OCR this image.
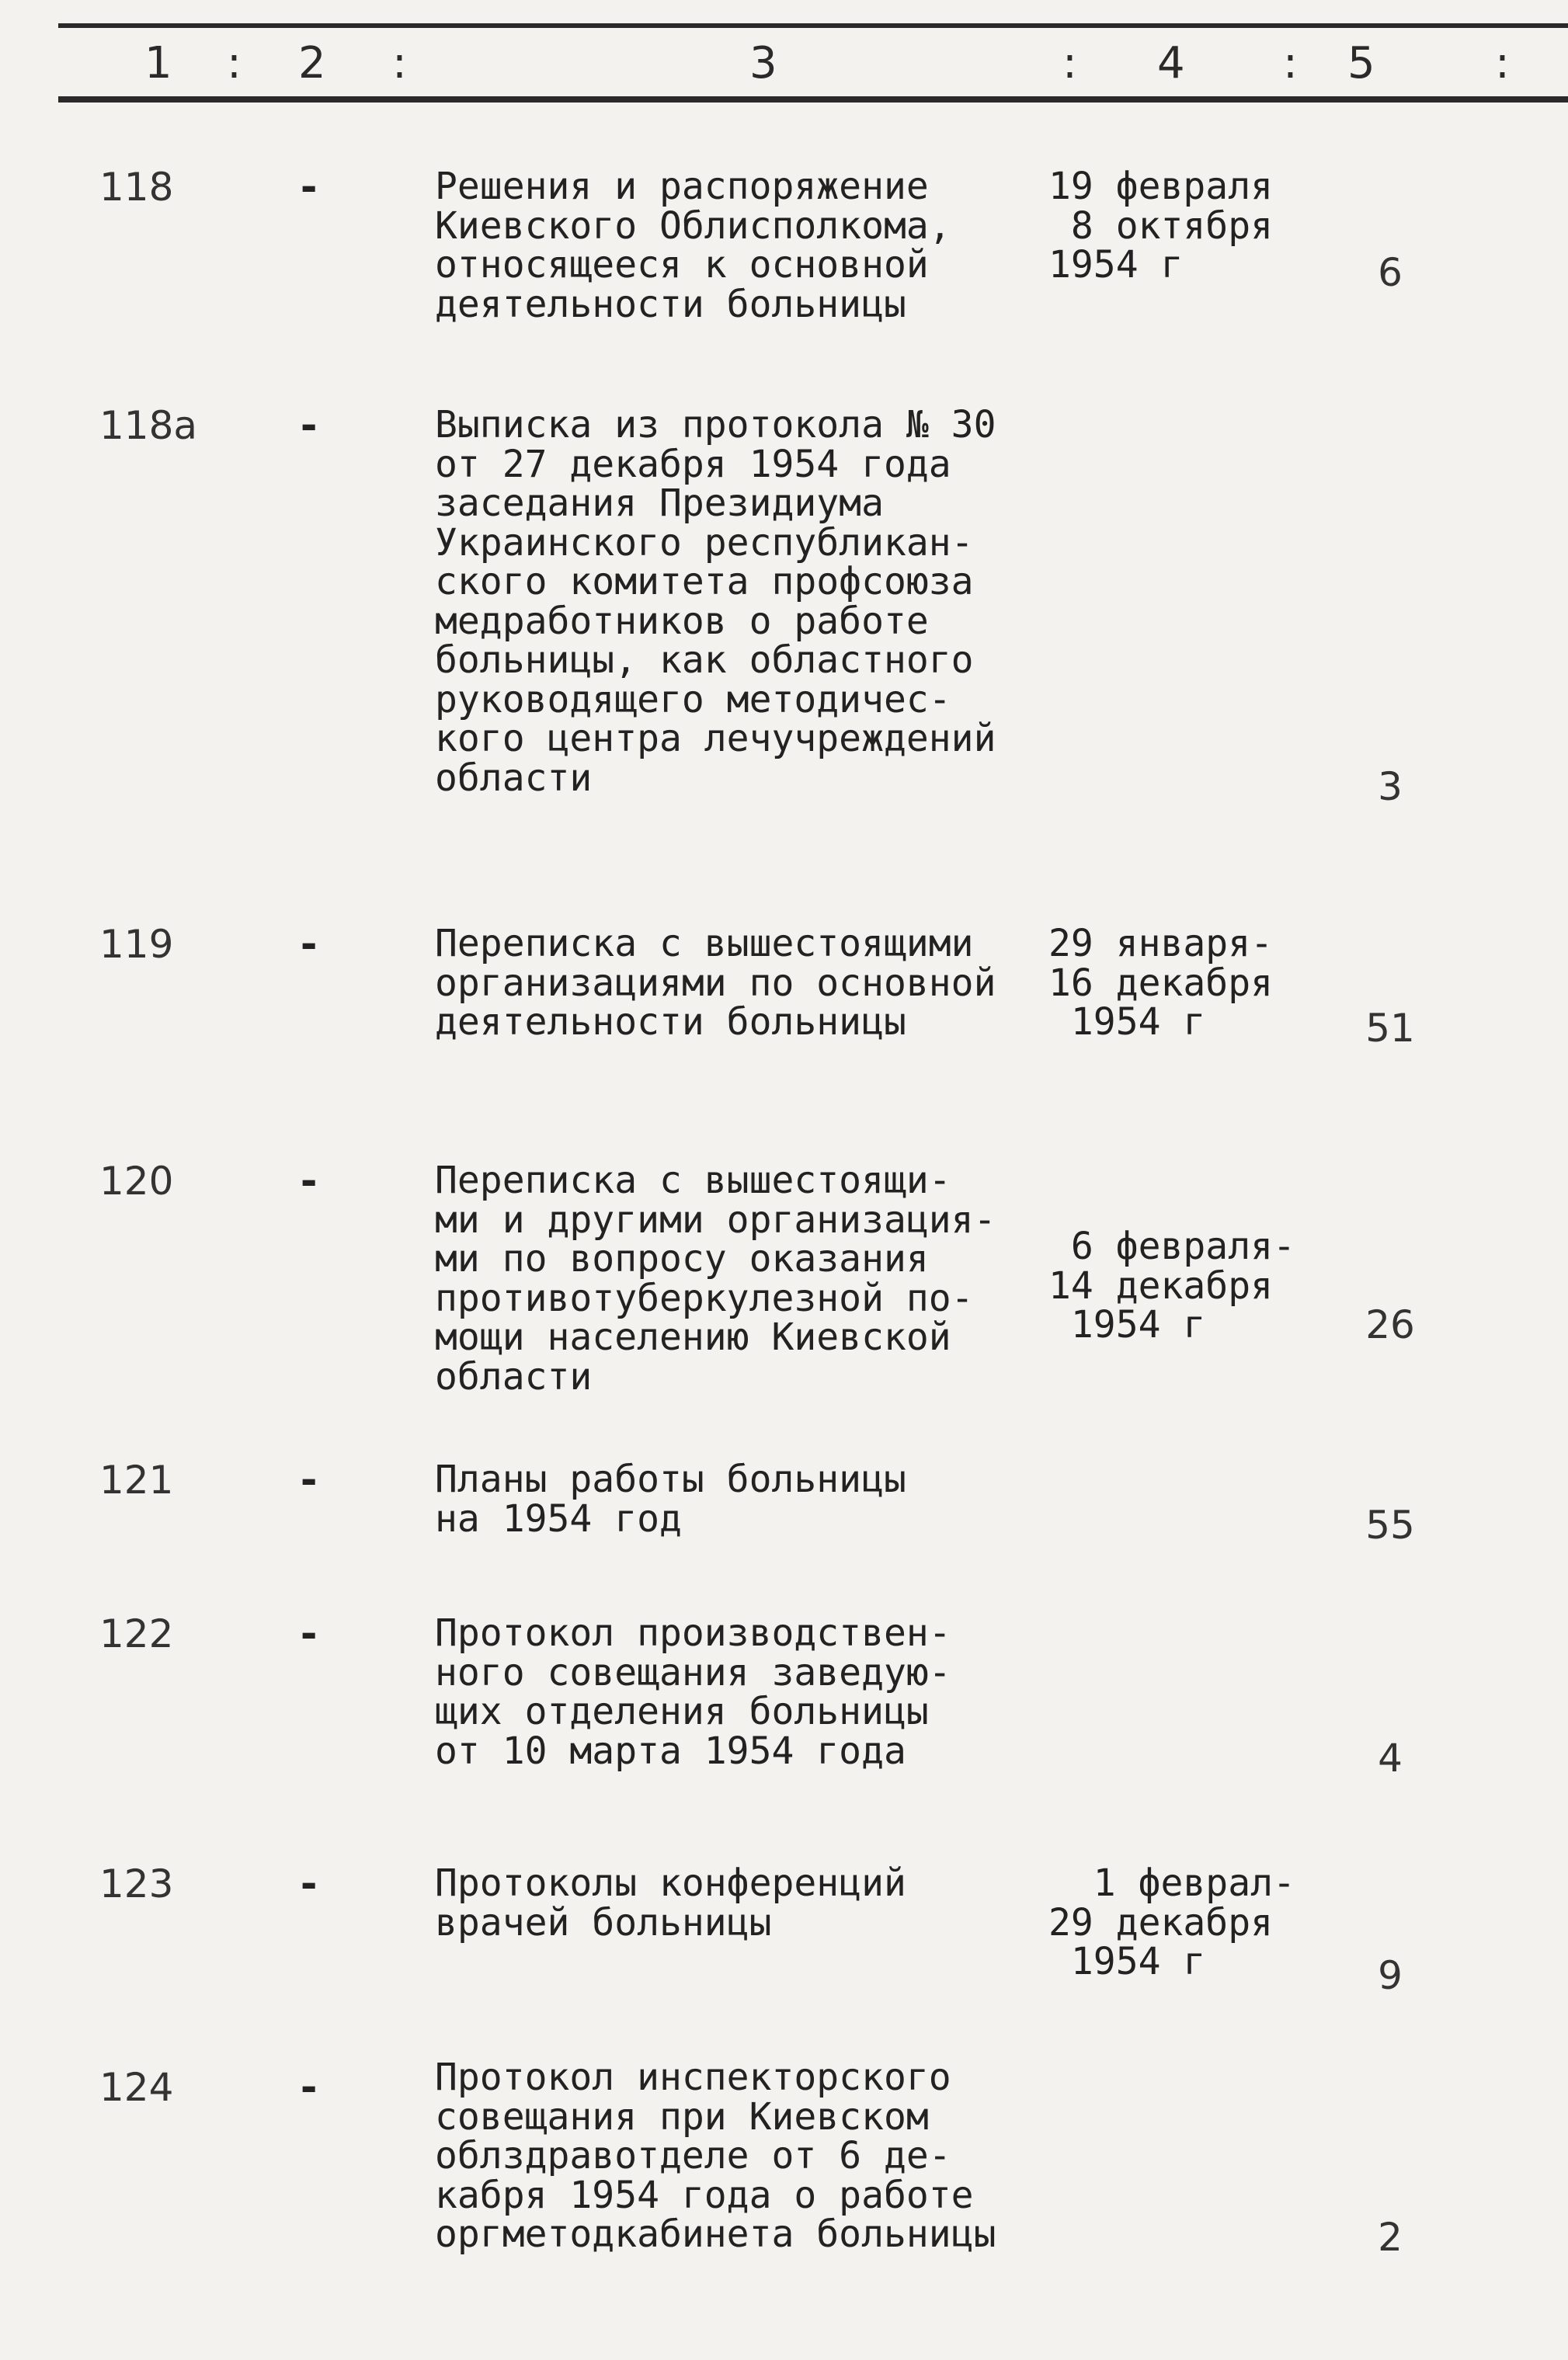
1 : 2 :	3	: 4 : 5	:
118	-	Решения и распоряжение
Киевского Облисполкома,
относящееся к основной
деятельности больницы
19 февраля
8 октября
1954 г	6
118а -	Выписка из протокола № 30
от 27 декабря 1954 года
заседания Президиума
Украинского республикан-
ского комитета профсоюза
медработников о работе
больницы, как областного
руководящего методичес-
кого центра лечучреждений
области	3
119	-	Переписка с вышестоящими
организациями по основной
деятельности больницы
29 января-
16 декабря
1954 г	51
120	-	Переписка с вышестоящи-
ми и другими организация-
ми по вопросу оказания
противотуберкулезной по-
мощи населению Киевской
области
6 февраля-
14 декабря
1954 г	26
121	-	Планы работы больницы
на 1954 год	55
122	-	Протокол производствен-
ного совещания заведую-
щих отделения больницы
от 10 марта 1954 года	4
123	-	Протоколы конференций
врачей больницы
1 феврал-
29 декабря
1954 г	9
124	-	Протокол инспекторского
совещания при Киевском
облздравотделе от 6 де-
кабря 1954 года о работе
оргметодкабинета больницы	2
